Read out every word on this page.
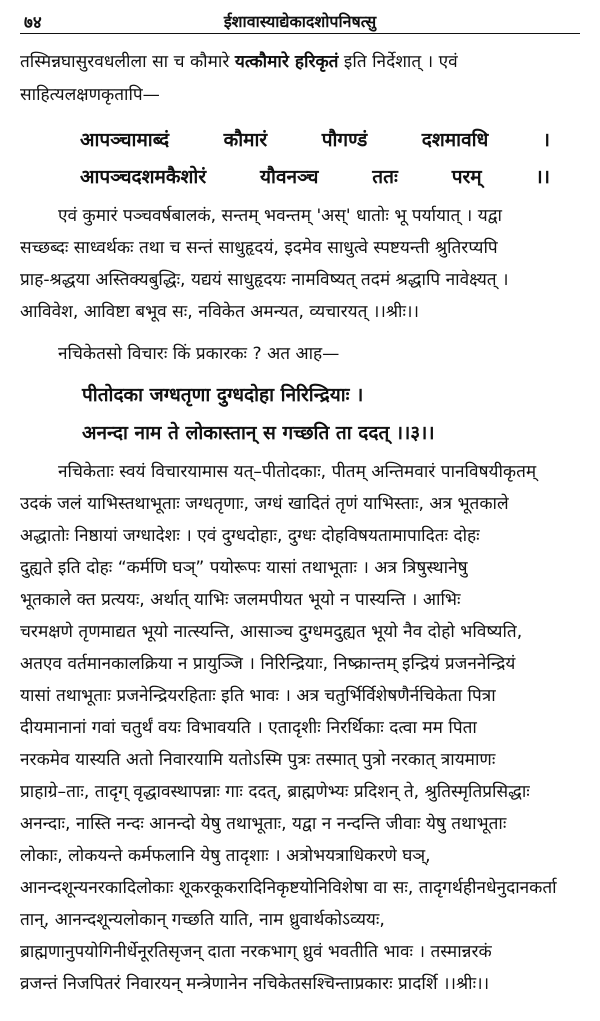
७४	ईशावास्याद्येकादशोपनिषत्सु
तस्मिन्नघासुरवधलीला सा च कौमारे यत्कौमारे हरिकृतं इति निर्देशात् । एवं
साहित्यलक्षणकृतापि—
आपञ्चामाब्दं	कौमारं	पौगण्डं	दशमावधि	।
आपञ्चदशमकैशोरं	यौवनञ्च	ततः	परम्	।।
एवं कुमारं पञ्चवर्षबालकं, सन्तम् भवन्तम् 'अस्' धातोः भू पर्यायात् । यद्वा
सच्छब्दः साध्वर्थकः तथा च सन्तं साधुहृदयं, इदमेव साधुत्वे स्पष्टयन्ती श्रुतिरप्यपि
प्राह-श्रद्धया अस्तिक्यबुद्धिः, यद्ययं साधुहृदयः नामविष्यत् तदमं श्रद्धापि नावेक्ष्यत् ।
आविवेश, आविष्टा बभूव सः, नविकेत अमन्यत, व्यचारयत् ।।श्रीः।।
नचिकेतसो विचारः किं प्रकारकः ? अत आह—
पीतोदका जग्धतृणा दुग्धदोहा निरिन्द्रियाः ।
अनन्दा नाम ते लोकास्तान् स गच्छति ता ददत् ।।३।।
नचिकेताः स्वयं विचारयामास यत्–पीतोदकाः, पीतम् अन्तिमवारं पानविषयीकृतम्
उदकं जलं याभिस्तथाभूताः जग्धतृणाः, जग्धं खादितं तृणं याभिस्ताः, अत्र भूतकाले
अद्धातोः निष्ठायां जग्धादेशः । एवं दुग्धदोहाः, दुग्धः दोहविषयतामापादितः दोहः
दुह्यते इति दोहः “कर्मणि घञ्” पयोरूपः यासां तथाभूताः । अत्र त्रिषुस्थानेषु
भूतकाले क्त प्रत्ययः, अर्थात् याभिः जलमपीयत भूयो न पास्यन्ति । आभिः
चरमक्षणे तृणमाद्यत भूयो नात्स्यन्ति, आसाञ्च दुग्धमदुह्यत भूयो नैव दोहो भविष्यति,
अतएव वर्तमानकालक्रिया न प्रायुञ्जि । निरिन्द्रियाः, निष्क्रान्तम् इन्द्रियं प्रजननेन्द्रियं
यासां तथाभूताः प्रजनेन्द्रियरहिताः इति भावः । अत्र चतुर्भिर्विशेषणैर्नचिकेता पित्रा
दीयमानानां गवां चतुर्थं वयः विभावयति । एतादृशीः निरर्थिकाः दत्वा मम पिता
नरकमेव यास्यति अतो निवारयामि यतोऽस्मि पुत्रः तस्मात् पुत्रो नरकात् त्रायमाणः
प्राहाग्रे–ताः, तादृग् वृद्धावस्थापन्नाः गाः ददत्, ब्राह्मणेभ्यः प्रदिशन् ते, श्रुतिस्मृतिप्रसिद्धाः
अनन्दाः, नास्ति नन्दः आनन्दो येषु तथाभूताः, यद्वा न नन्दन्ति जीवाः येषु तथाभूताः
लोकाः, लोकयन्ते कर्मफलानि येषु तादृशाः । अत्रोभयत्राधिकरणे घञ्,
आनन्दशून्यनरकादिलोकाः शूकरकूकरादिनिकृष्टयोनिविशेषा वा सः, तादृगर्थहीनधेनुदानकर्ता
तान्, आनन्दशून्यलोकान् गच्छति याति, नाम ध्रुवार्थकोऽव्ययः,
ब्राह्मणानुपयोगिनीर्धेनूरतिसृजन् दाता नरकभाग् ध्रुवं भवतीति भावः । तस्मान्नरकं
व्रजन्तं निजपितरं निवारयन् मन्त्रेणानेन नचिकेतसश्चिन्ताप्रकारः प्रादर्शि ।।श्रीः।।
